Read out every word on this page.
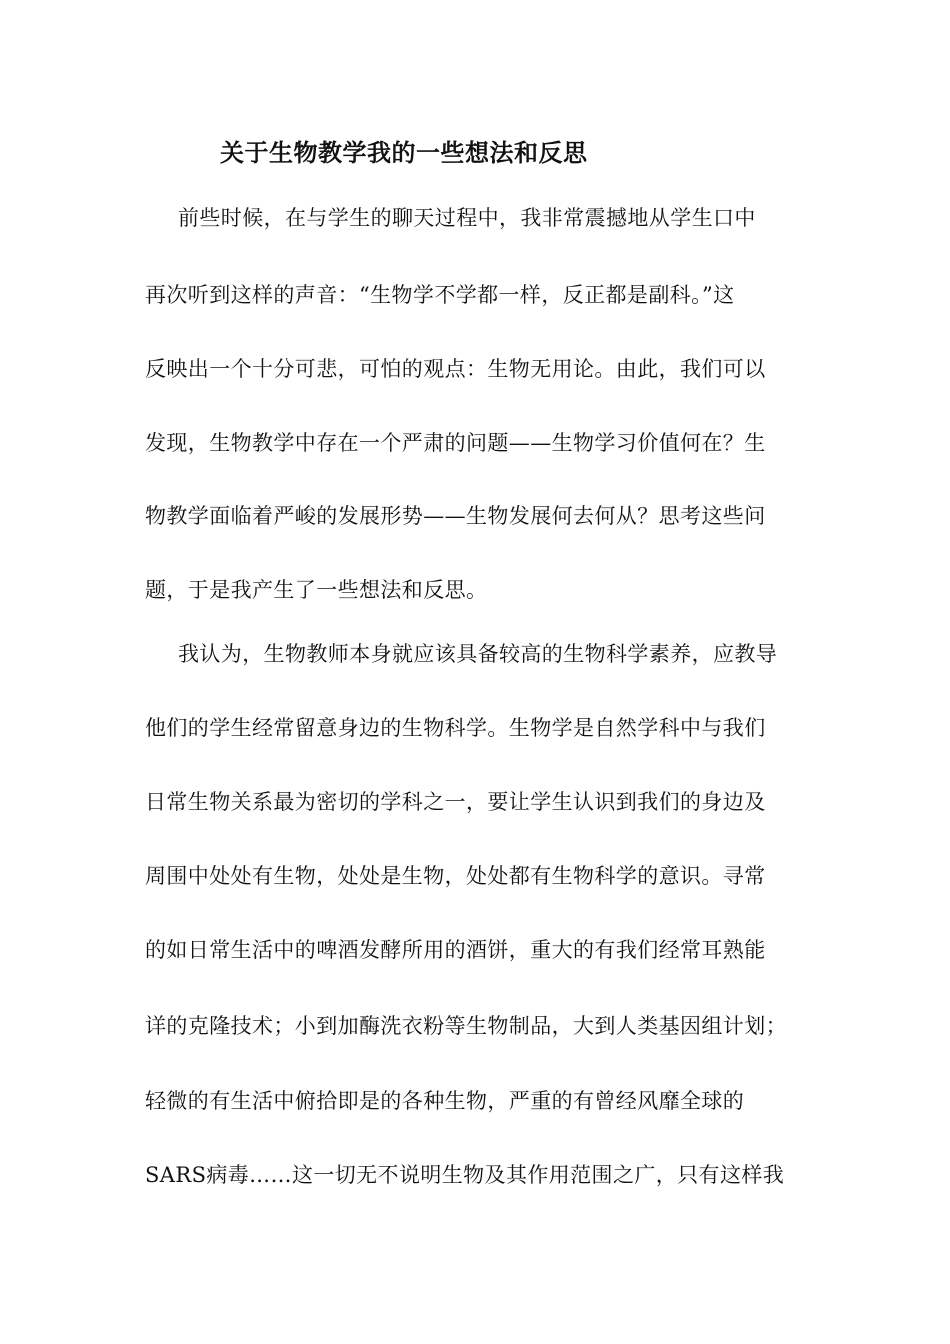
关于生物教学我的一些想法和反思
前些时候，在与学生的聊天过程中，我非常震撼地从学生口中
再次听到这样的声音：“生物学不学都一样，反正都是副科。”这
反映出一个十分可悲，可怕的观点：生物无用论。由此，我们可以
发现，生物教学中存在一个严肃的问题——生物学习价值何在？生
物教学面临着严峻的发展形势——生物发展何去何从？思考这些问
题，于是我产生了一些想法和反思。
我认为，生物教师本身就应该具备较高的生物科学素养，应教导
他们的学生经常留意身边的生物科学。生物学是自然学科中与我们
日常生物关系最为密切的学科之一，要让学生认识到我们的身边及
周围中处处有生物，处处是生物，处处都有生物科学的意识。寻常
的如日常生活中的啤酒发酵所用的酒饼，重大的有我们经常耳熟能
详的克隆技术；小到加酶洗衣粉等生物制品，大到人类基因组计划；
轻微的有生活中俯拾即是的各种生物，严重的有曾经风靡全球的
SARS病毒……这一切无不说明生物及其作用范围之广，只有这样我
